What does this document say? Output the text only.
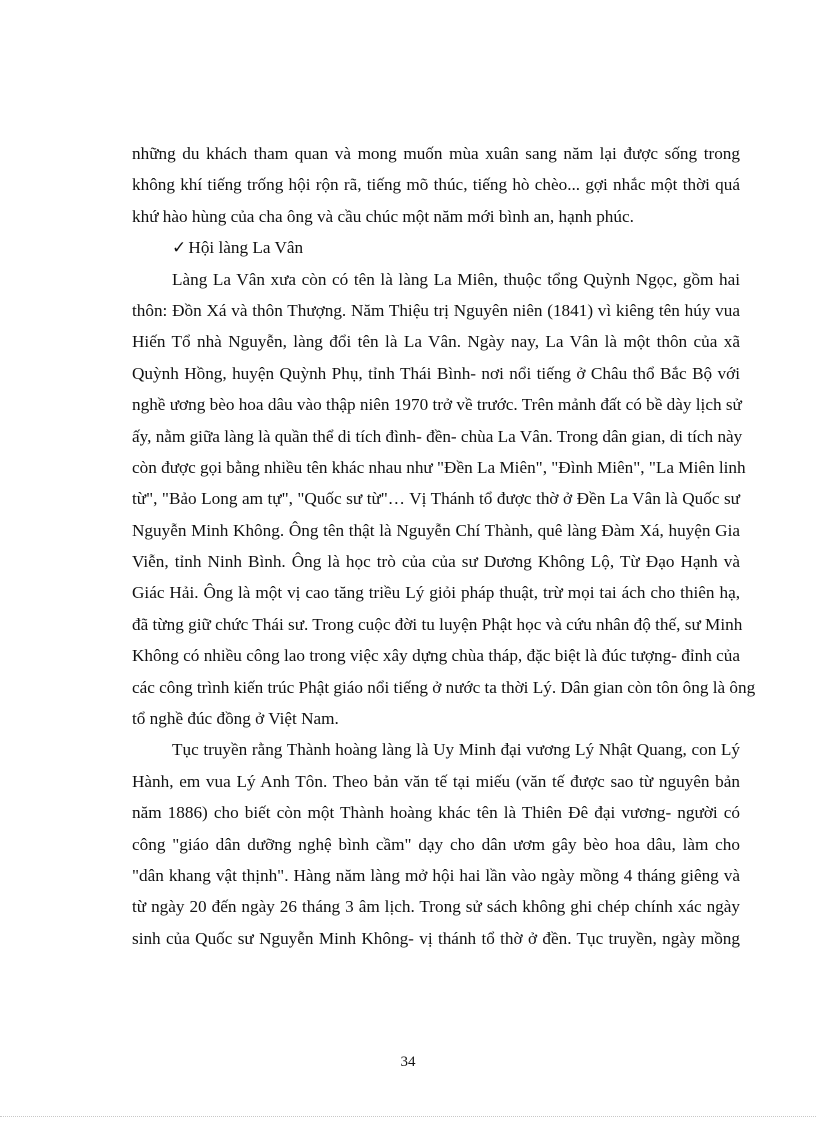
những du khách tham quan và mong muốn mùa xuân sang năm lại được sống trong
không khí tiếng trống hội rộn rã, tiếng mõ thúc, tiếng hò chèo... gợi nhắc một thời quá
khứ hào hùng của cha ông và cầu chúc một năm mới bình an, hạnh phúc.
✓ Hội làng La Vân
Làng La Vân xưa còn có tên là làng La Miên, thuộc tổng Quỳnh Ngọc, gồm hai
thôn: Đồn Xá và thôn Thượng. Năm Thiệu trị Nguyên niên (1841) vì kiêng tên húy vua
Hiến Tổ nhà Nguyễn, làng đổi tên là La Vân. Ngày nay, La Vân là một thôn của xã
Quỳnh Hồng, huyện Quỳnh Phụ, tỉnh Thái Bình- nơi nổi tiếng ở Châu thổ Bắc Bộ với
nghề ương bèo hoa dâu vào thập niên 1970 trở về trước. Trên mảnh đất có bề dày lịch sử
ấy, nằm giữa làng là quần thể di tích đình- đền- chùa La Vân. Trong dân gian, di tích này
còn được gọi bằng nhiều tên khác nhau như "Đền La Miên", "Đình Miên", "La Miên linh
từ", "Bảo Long am tự", "Quốc sư từ"… Vị Thánh tổ được thờ ở Đền La Vân là Quốc sư
Nguyễn Minh Không. Ông tên thật là Nguyễn Chí Thành, quê làng Đàm Xá, huyện Gia
Viễn, tỉnh Ninh Bình. Ông là học trò của của sư Dương Không Lộ, Từ Đạo Hạnh và
Giác Hải. Ông là một vị cao tăng triều Lý giỏi pháp thuật, trừ mọi tai ách cho thiên hạ,
đã từng giữ chức Thái sư. Trong cuộc đời tu luyện Phật học và cứu nhân độ thế, sư Minh
Không có nhiều công lao trong việc xây dựng chùa tháp, đặc biệt là đúc tượng- đỉnh của
các công trình kiến trúc Phật giáo nổi tiếng ở nước ta thời Lý. Dân gian còn tôn ông là ông
tổ nghề đúc đồng ở Việt Nam.
Tục truyền rằng Thành hoàng làng là Uy Minh đại vương Lý Nhật Quang, con Lý
Hành, em vua Lý Anh Tôn. Theo bản văn tế tại miếu (văn tế được sao từ nguyên bản
năm 1886) cho biết còn một Thành hoàng khác tên là Thiên Đê đại vương- người có
công "giáo dân dưỡng nghệ bình cầm" dạy cho dân ươm gây bèo hoa dâu, làm cho
"dân khang vật thịnh". Hàng năm làng mở hội hai lần vào ngày mồng 4 tháng giêng và
từ ngày 20 đến ngày 26 tháng 3 âm lịch. Trong sử sách không ghi chép chính xác ngày
sinh của Quốc sư Nguyễn Minh Không- vị thánh tổ thờ ở đền. Tục truyền, ngày mồng
34
